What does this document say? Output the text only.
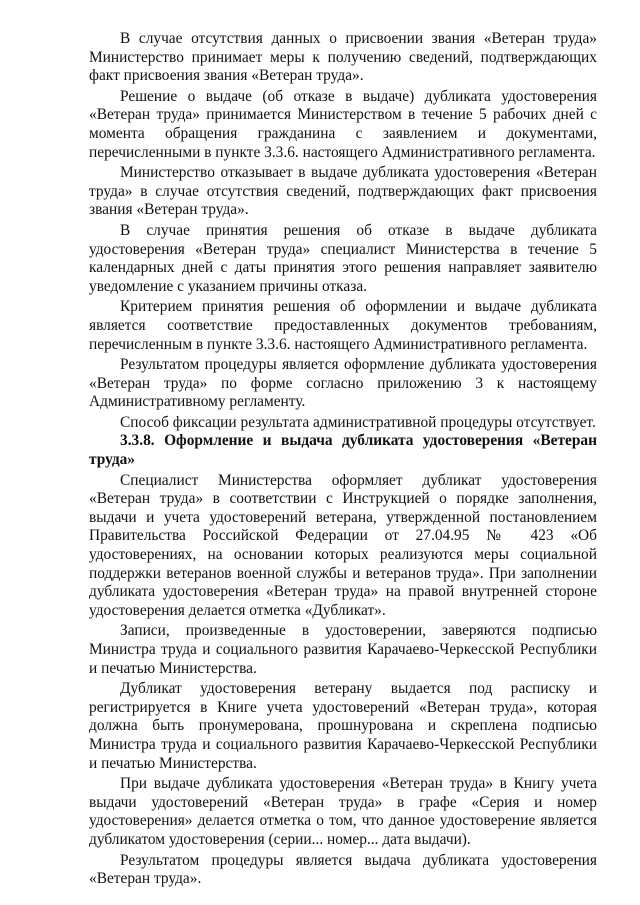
В случае отсутствия данных о присвоении звания «Ветеран труда» Министерство принимает меры к получению сведений, подтверждающих факт присвоения звания «Ветеран труда».

Решение о выдаче (об отказе в выдаче) дубликата удостоверения «Ветеран труда» принимается Министерством в течение 5 рабочих дней с момента обращения гражданина с заявлением и документами, перечисленными в пункте 3.3.6. настоящего Административного регламента.

Министерство отказывает в выдаче дубликата удостоверения «Ветеран труда» в случае отсутствия сведений, подтверждающих факт присвоения звания «Ветеран труда».

В случае принятия решения об отказе в выдаче дубликата удостоверения «Ветеран труда» специалист Министерства в течение 5 календарных дней с даты принятия этого решения направляет заявителю уведомление с указанием причины отказа.

Критерием принятия решения об оформлении и выдаче дубликата является соответствие предоставленных документов требованиям, перечисленным в пункте 3.3.6. настоящего Административного регламента.

Результатом процедуры является оформление дубликата удостоверения «Ветеран труда» по форме согласно приложению 3 к настоящему Административному регламенту.

Способ фиксации результата административной процедуры отсутствует.

3.3.8. Оформление и выдача дубликата удостоверения «Ветеран труда»

Специалист Министерства оформляет дубликат удостоверения «Ветеран труда» в соответствии с Инструкцией о порядке заполнения, выдачи и учета удостоверений ветерана, утвержденной постановлением Правительства Российской Федерации от 27.04.95 № 423 «Об удостоверениях, на основании которых реализуются меры социальной поддержки ветеранов военной службы и ветеранов труда». При заполнении дубликата удостоверения «Ветеран труда» на правой внутренней стороне удостоверения делается отметка «Дубликат».

Записи, произведенные в удостоверении, заверяются подписью Министра труда и социального развития Карачаево-Черкесской Республики и печатью Министерства.

Дубликат удостоверения ветерану выдается под расписку и регистрируется в Книге учета удостоверений «Ветеран труда», которая должна быть пронумерована, прошнурована и скреплена подписью Министра труда и социального развития Карачаево-Черкесской Республики и печатью Министерства.

При выдаче дубликата удостоверения «Ветеран труда» в Книгу учета выдачи удостоверений «Ветеран труда» в графе «Серия и номер удостоверения» делается отметка о том, что данное удостоверение является дубликатом удостоверения (серии... номер... дата выдачи).

Результатом процедуры является выдача дубликата удостоверения «Ветеран труда».
